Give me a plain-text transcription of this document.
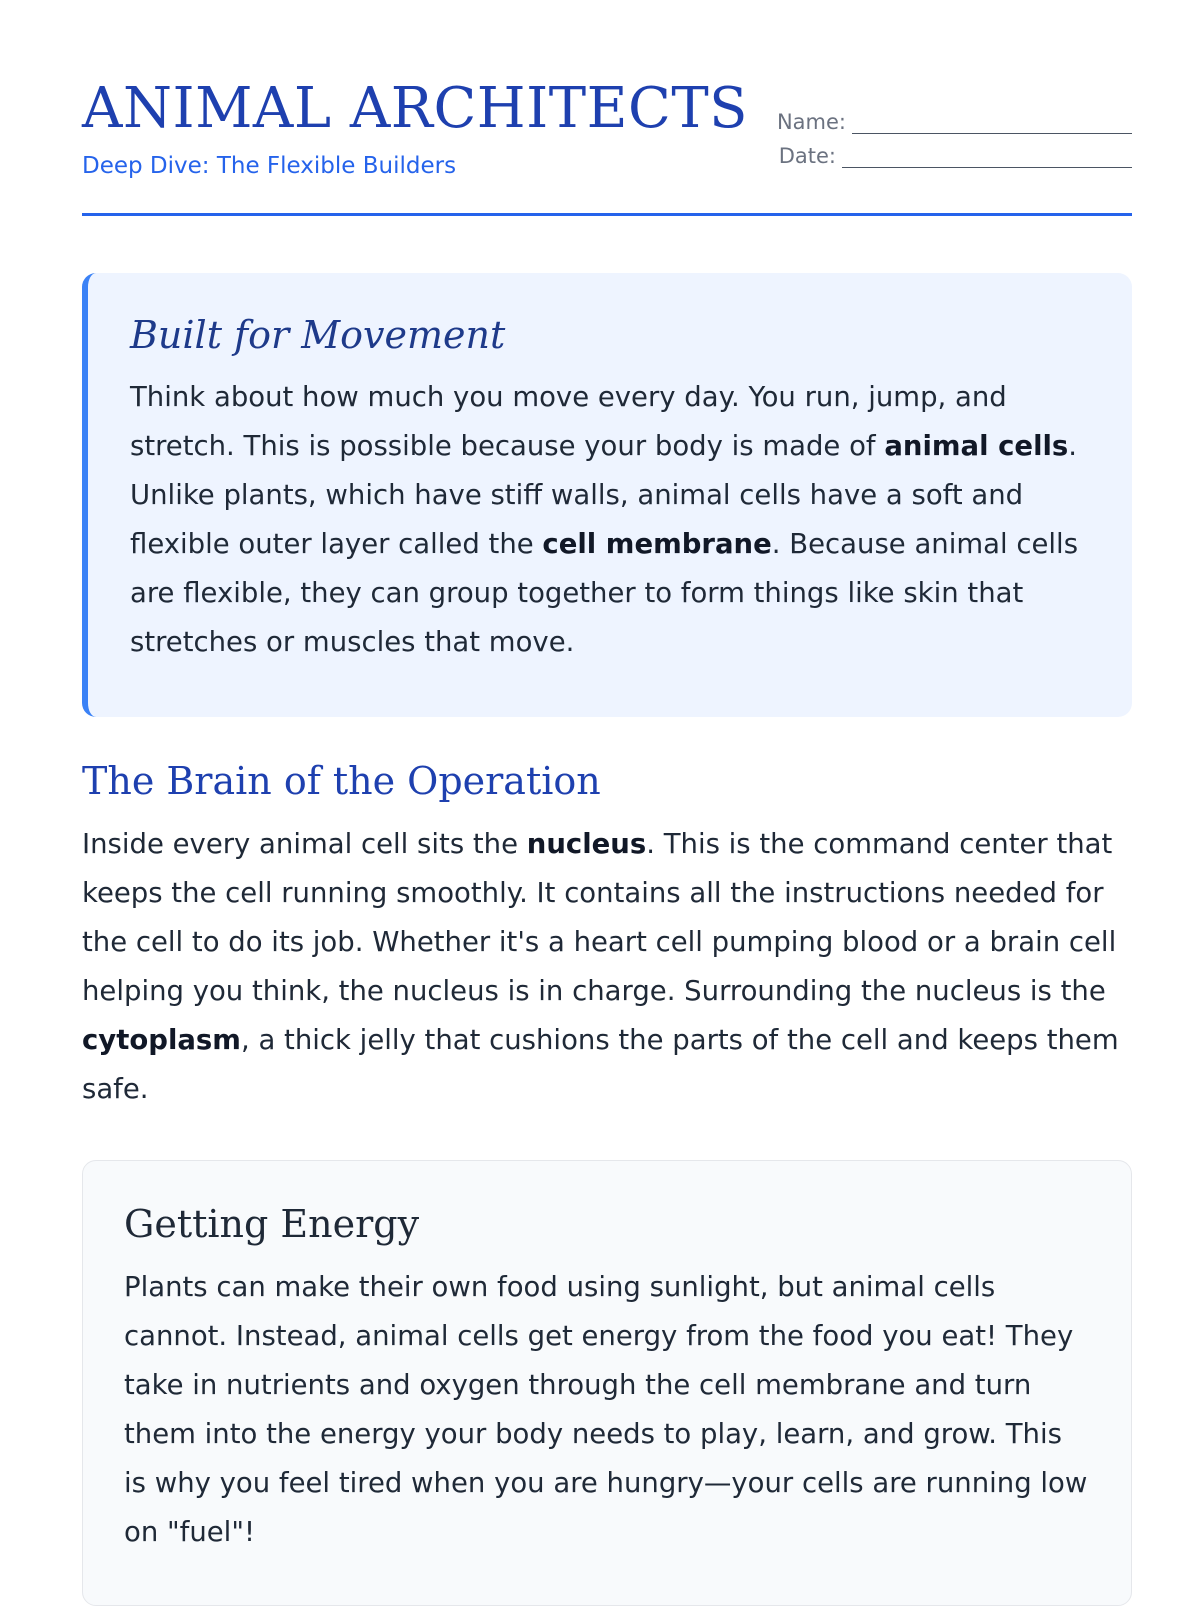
ANIMAL ARCHITECTS
Deep Dive: The Flexible Builders
Name:
Date:
Built for Movement

Think about how much you move every day. You run, jump, and stretch. This is possible because your body is made of animal cells. Unlike plants, which have stiff walls, animal cells have a soft and flexible outer layer called the cell membrane. Because animal cells are flexible, they can group together to form things like skin that stretches or muscles that move.

The Brain of the Operation

Inside every animal cell sits the nucleus. This is the command center that keeps the cell running smoothly. It contains all the instructions needed for the cell to do its job. Whether it's a heart cell pumping blood or a brain cell helping you think, the nucleus is in charge. Surrounding the nucleus is the cytoplasm, a thick jelly that cushions the parts of the cell and keeps them safe.

Getting Energy

Plants can make their own food using sunlight, but animal cells cannot. Instead, animal cells get energy from the food you eat! They take in nutrients and oxygen through the cell membrane and turn them into the energy your body needs to play, learn, and grow. This is why you feel tired when you are hungry—your cells are running low on "fuel"!
